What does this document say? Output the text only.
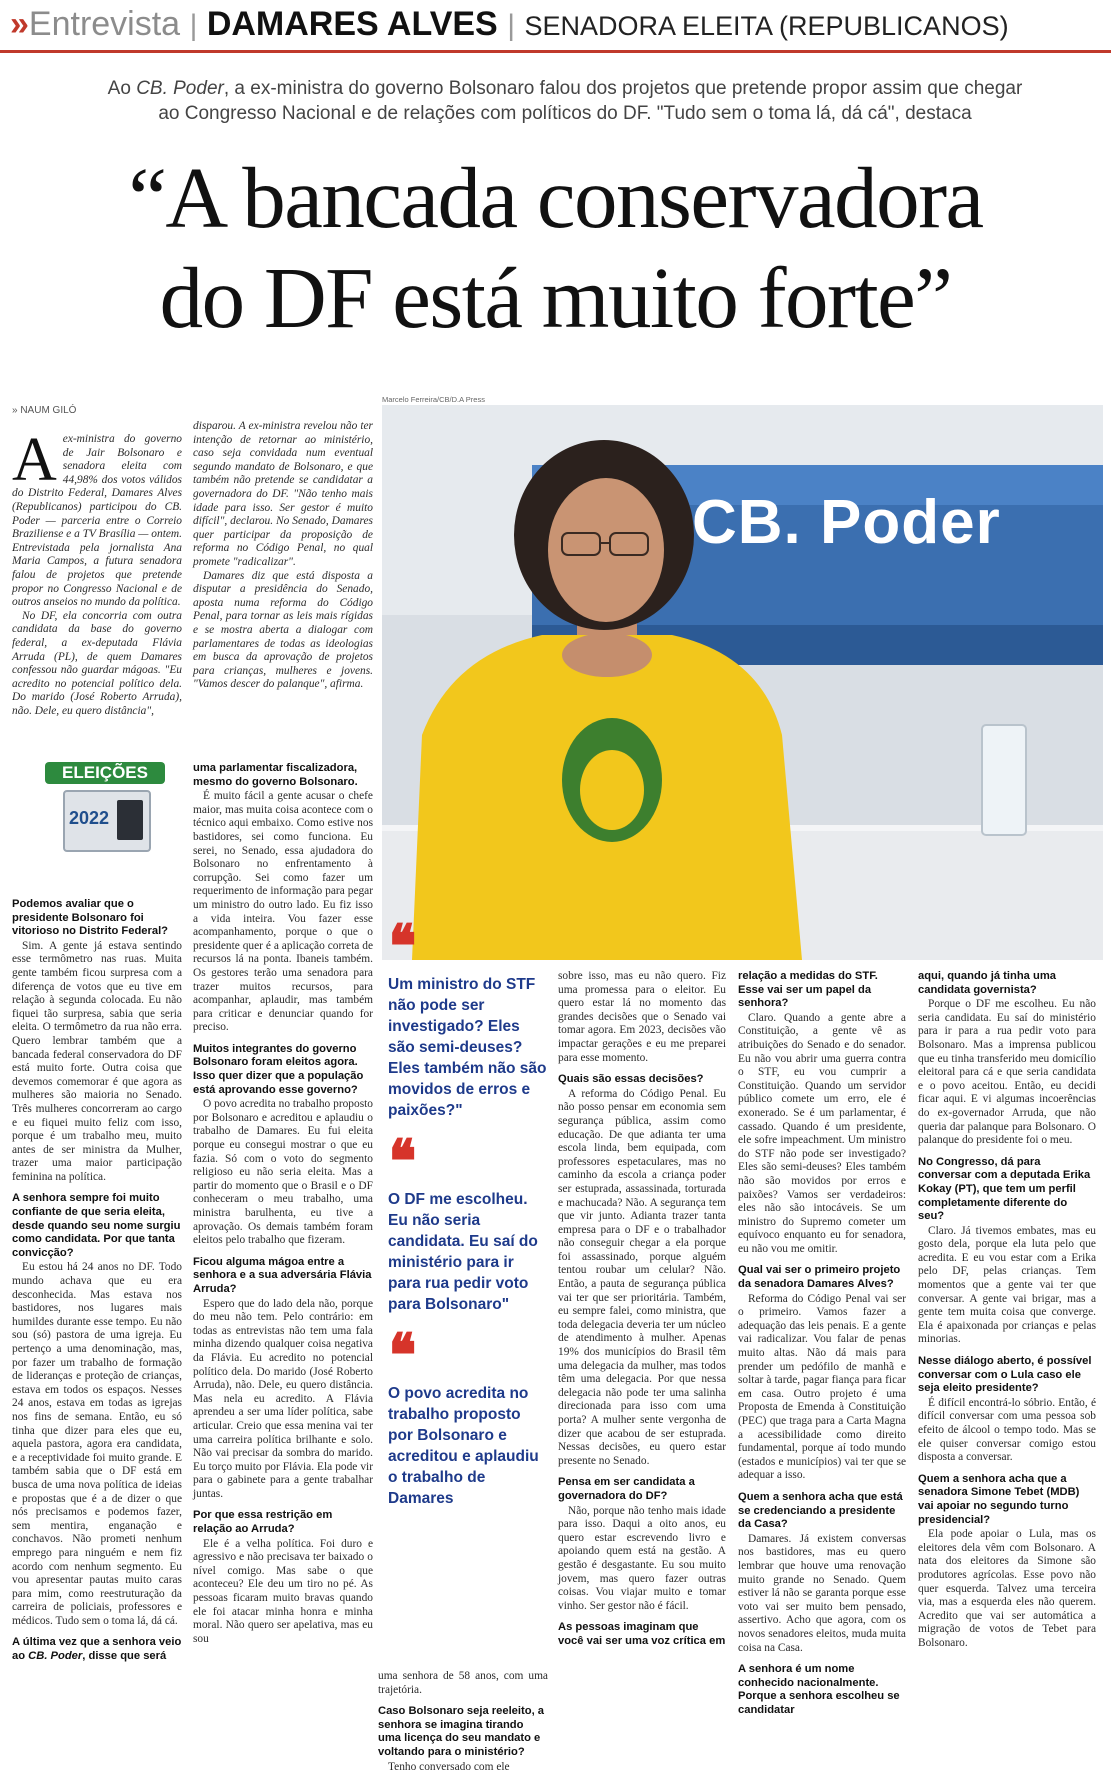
»Entrevista | DAMARES ALVES | SENADORA ELEITA (REPUBLICANOS)
Ao CB. Poder, a ex-ministra do governo Bolsonaro falou dos projetos que pretende propor assim que chegar ao Congresso Nacional e de relações com políticos do DF. "Tudo sem o toma lá, dá cá", destaca
“A bancada conservadora
do DF está muito forte”
» NAUM GILÓ
Marcelo Ferreira/CB/D.A Press
CB. Poder
A ex-ministra do governo de Jair Bolsonaro e senadora eleita com 44,98% dos votos válidos do Distrito Federal, Damares Alves (Republicanos) participou do CB. Poder — parceria entre o Correio Braziliense e a TV Brasília — ontem. Entrevistada pela jornalista Ana Maria Campos, a futura senadora falou de projetos que pretende propor no Congresso Nacional e de outros anseios no mundo da política.

No DF, ela concorria com outra candidata da base do governo federal, a ex-deputada Flávia Arruda (PL), de quem Damares confessou não guardar mágoas. "Eu acredito no potencial político dela. Do marido (José Roberto Arruda), não. Dele, eu quero distância",

disparou. A ex-ministra revelou não ter intenção de retornar ao ministério, caso seja convidada num eventual segundo mandato de Bolsonaro, e que também não pretende se candidatar a governadora do DF. "Não tenho mais idade para isso. Ser gestor é muito difícil", declarou. No Senado, Damares quer participar da proposição de reforma no Código Penal, no qual promete "radicalizar".

Damares diz que está disposta a disputar a presidência do Senado, aposta numa reforma do Código Penal, para tornar as leis mais rígidas e se mostra aberta a dialogar com parlamentares de todas as ideologias em busca da aprovação de projetos para crianças, mulheres e jovens. "Vamos descer do palanque", afirma.

ELEIÇÕES
2022

Podemos avaliar que o presidente Bolsonaro foi vitorioso no Distrito Federal?

Sim. A gente já estava sentindo esse termômetro nas ruas. Muita gente também ficou surpresa com a diferença de votos que eu tive em relação à segunda colocada. Eu não fiquei tão surpresa, sabia que seria eleita. O termômetro da rua não erra. Quero lembrar também que a bancada federal conservadora do DF está muito forte. Outra coisa que devemos comemorar é que agora as mulheres são maioria no Senado. Três mulheres concorreram ao cargo e eu fiquei muito feliz com isso, porque é um trabalho meu, muito antes de ser ministra da Mulher, trazer uma maior participação feminina na política.

A senhora sempre foi muito confiante de que seria eleita, desde quando seu nome surgiu como candidata. Por que tanta convicção?

Eu estou há 24 anos no DF. Todo mundo achava que eu era desconhecida. Mas estava nos bastidores, nos lugares mais humildes durante esse tempo. Eu não sou (só) pastora de uma igreja. Eu pertenço a uma denominação, mas, por fazer um trabalho de formação de lideranças e proteção de crianças, estava em todos os espaços. Nesses 24 anos, estava em todas as igrejas nos fins de semana. Então, eu só tinha que dizer para eles que eu, aquela pastora, agora era candidata, e a receptividade foi muito grande. E também sabia que o DF está em busca de uma nova política de ideias e propostas que é a de dizer o que nós precisamos e podemos fazer, sem mentira, enganação e conchavos. Não prometi nenhum emprego para ninguém e nem fiz acordo com nenhum segmento. Eu vou apresentar pautas muito caras para mim, como reestruturação da carreira de policiais, professores e médicos. Tudo sem o toma lá, dá cá.

A última vez que a senhora veio ao CB. Poder, disse que será

uma parlamentar fiscalizadora, mesmo do governo Bolsonaro.

É muito fácil a gente acusar o chefe maior, mas muita coisa acontece com o técnico aqui embaixo. Como estive nos bastidores, sei como funciona. Eu serei, no Senado, essa ajudadora do Bolsonaro no enfrentamento à corrupção. Sei como fazer um requerimento de informação para pegar um ministro do outro lado. Eu fiz isso a vida inteira. Vou fazer esse acompanhamento, porque o que o presidente quer é a aplicação correta de recursos lá na ponta. Ibaneis também. Os gestores terão uma senadora para trazer muitos recursos, para acompanhar, aplaudir, mas também para criticar e denunciar quando for preciso.

Muitos integrantes do governo Bolsonaro foram eleitos agora. Isso quer dizer que a população está aprovando esse governo?

O povo acredita no trabalho proposto por Bolsonaro e acreditou e aplaudiu o trabalho de Damares. Eu fui eleita porque eu consegui mostrar o que eu fazia. Só com o voto do segmento religioso eu não seria eleita. Mas a partir do momento que o Brasil e o DF conheceram o meu trabalho, uma ministra barulhenta, eu tive a aprovação. Os demais também foram eleitos pelo trabalho que fizeram.

Ficou alguma mágoa entre a senhora e a sua adversária Flávia Arruda?

Espero que do lado dela não, porque do meu não tem. Pelo contrário: em todas as entrevistas não tem uma fala minha dizendo qualquer coisa negativa da Flávia. Eu acredito no potencial político dela. Do marido (José Roberto Arruda), não. Dele, eu quero distância. Mas nela eu acredito. A Flávia aprendeu a ser uma líder política, sabe articular. Creio que essa menina vai ter uma carreira política brilhante e solo. Não vai precisar da sombra do marido. Eu torço muito por Flávia. Ela pode vir para o gabinete para a gente trabalhar juntas.

Por que essa restrição em relação ao Arruda?

Ele é a velha política. Foi duro e agressivo e não precisava ter baixado o nível comigo. Mas sabe o que aconteceu? Ele deu um tiro no pé. As pessoas ficaram muito bravas quando ele foi atacar minha honra e minha moral. Não quero ser apelativa, mas eu sou

❛❛
Um ministro do STF não pode ser investigado? Eles são semi-deuses? Eles também não são movidos de erros e paixões?"
❛❛
O DF me escolheu. Eu não seria candidata. Eu saí do ministério para ir para rua pedir voto para Bolsonaro"
❛❛
O povo acredita no trabalho proposto por Bolsonaro e acreditou e aplaudiu o trabalho de Damares

uma senhora de 58 anos, com uma trajetória.

Caso Bolsonaro seja reeleito, a senhora se imagina tirando uma licença do seu mandato e voltando para o ministério?

Tenho conversado com ele

sobre isso, mas eu não quero. Fiz uma promessa para o eleitor. Eu quero estar lá no momento das grandes decisões que o Senado vai tomar agora. Em 2023, decisões vão impactar gerações e eu me preparei para esse momento.

Quais são essas decisões?

A reforma do Código Penal. Eu não posso pensar em economia sem segurança pública, assim como educação. De que adianta ter uma escola linda, bem equipada, com professores espetaculares, mas no caminho da escola a criança poder ser estuprada, assassinada, torturada e machucada? Não. A segurança tem que vir junto. Adianta trazer tanta empresa para o DF e o trabalhador não conseguir chegar a ela porque foi assassinado, porque alguém tentou roubar um celular? Não. Então, a pauta de segurança pública vai ter que ser prioritária. Também, eu sempre falei, como ministra, que toda delegacia deveria ter um núcleo de atendimento à mulher. Apenas 19% dos municípios do Brasil têm uma delegacia da mulher, mas todos têm uma delegacia. Por que nessa delegacia não pode ter uma salinha direcionada para isso com uma porta? A mulher sente vergonha de dizer que acabou de ser estuprada. Nessas decisões, eu quero estar presente no Senado.

Pensa em ser candidata a governadora do DF?

Não, porque não tenho mais idade para isso. Daqui a oito anos, eu quero estar escrevendo livro e apoiando quem está na gestão. A gestão é desgastante. Eu sou muito jovem, mas quero fazer outras coisas. Vou viajar muito e tomar vinho. Ser gestor não é fácil.

As pessoas imaginam que você vai ser uma voz crítica em

relação a medidas do STF. Esse vai ser um papel da senhora?

Claro. Quando a gente abre a Constituição, a gente vê as atribuições do Senado e do senador. Eu não vou abrir uma guerra contra o STF, eu vou cumprir a Constituição. Quando um servidor público comete um erro, ele é exonerado. Se é um parlamentar, é cassado. Quando é um presidente, ele sofre impeachment. Um ministro do STF não pode ser investigado? Eles são semi-deuses? Eles também não são movidos por erros e paixões? Vamos ser verdadeiros: eles não são intocáveis. Se um ministro do Supremo cometer um equívoco enquanto eu for senadora, eu não vou me omitir.

Qual vai ser o primeiro projeto da senadora Damares Alves?

Reforma do Código Penal vai ser o primeiro. Vamos fazer a adequação das leis penais. E a gente vai radicalizar. Vou falar de penas muito altas. Não dá mais para prender um pedófilo de manhã e soltar à tarde, pagar fiança para ficar em casa. Outro projeto é uma Proposta de Emenda à Constituição (PEC) que traga para a Carta Magna a acessibilidade como direito fundamental, porque aí todo mundo (estados e municípios) vai ter que se adequar a isso.

Quem a senhora acha que está se credenciando a presidente da Casa?

Damares. Já existem conversas nos bastidores, mas eu quero lembrar que houve uma renovação muito grande no Senado. Quem estiver lá não se garanta porque esse voto vai ser muito bem pensado, assertivo. Acho que agora, com os novos senadores eleitos, muda muita coisa na Casa.

A senhora é um nome conhecido nacionalmente. Porque a senhora escolheu se candidatar

aqui, quando já tinha uma candidata governista?

Porque o DF me escolheu. Eu não seria candidata. Eu saí do ministério para ir para a rua pedir voto para Bolsonaro. Mas a imprensa publicou que eu tinha transferido meu domicílio eleitoral para cá e que seria candidata e o povo aceitou. Então, eu decidi ficar aqui. E vi algumas incoerências do ex-governador Arruda, que não queria dar palanque para Bolsonaro. O palanque do presidente foi o meu.

No Congresso, dá para conversar com a deputada Erika Kokay (PT), que tem um perfil completamente diferente do seu?

Claro. Já tivemos embates, mas eu gosto dela, porque ela luta pelo que acredita. E eu vou estar com a Erika pelo DF, pelas crianças. Tem momentos que a gente vai ter que conversar. A gente vai brigar, mas a gente tem muita coisa que converge. Ela é apaixonada por crianças e pelas minorias.

Nesse diálogo aberto, é possível conversar com o Lula caso ele seja eleito presidente?

É difícil encontrá-lo sóbrio. Então, é difícil conversar com uma pessoa sob efeito de álcool o tempo todo. Mas se ele quiser conversar comigo estou disposta a conversar.

Quem a senhora acha que a senadora Simone Tebet (MDB) vai apoiar no segundo turno presidencial?

Ela pode apoiar o Lula, mas os eleitores dela vêm com Bolsonaro. A nata dos eleitores da Simone são produtores agrícolas. Esse povo não quer esquerda. Talvez uma terceira via, mas a esquerda eles não querem. Acredito que vai ser automática a migração de votos de Tebet para Bolsonaro.
